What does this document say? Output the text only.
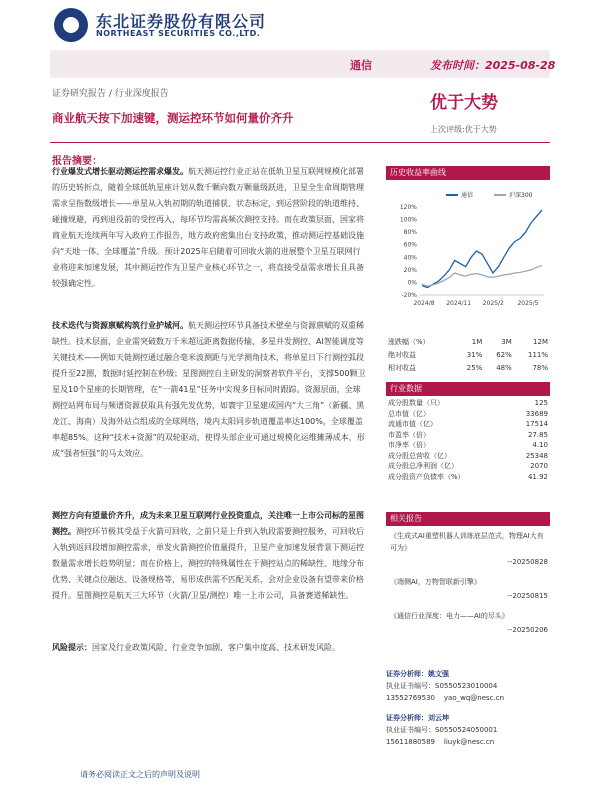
东北证券股份有限公司
NORTHEAST SECURITIES CO.,LTD.
通信	发布时间：2025-08-28
证券研究报告 / 行业深度报告	优于大势
商业航天按下加速键，测运控环节如何量价齐升
上次评级:优于大势
报告摘要：

行业爆发式增长驱动测运控需求爆发。航天测运控行业正站在低轨卫星互联网规模化部署的历史转折点，随着全球低轨星座计划从数千颗向数万颗量级跃进，卫星全生命周期管理需求呈指数级增长——单星从入轨初期的轨道捕获、状态标定，到运营阶段的轨道维持、碰撞规避，再到退役前的受控再入，每环节均需高频次测控支持。而在政策层面，国家将商业航天连续两年写入政府工作报告，地方政府密集出台支持政策，推动测运控基础设施向“天地一体、全球覆盖”升级。预计2025年启随着可回收火箭的进展整个卫星互联网行业将迎来加速发展，其中测运控作为卫星产业核心环节之一，将直接受益需求增长且具备较强确定性。

技术迭代与资源禀赋构筑行业护城河。航天测运控环节具备技术壁垒与资源禀赋的双重稀缺性。技术层面，企业需突破数万千米超远距离数据传输、多星并发测控、AI智能调度等关键技术——例如天链测控通过融合毫米波测距与光学测角技术，将单星日下行测控弧段提升至22圈，数据时延控制在秒级；星图测控自主研发的洞察者软件平台，支撑500颗卫星及10个星座的长期管理，在“一箭41星”任务中实现多目标同时跟踪。资源层面，全球测控站网布局与频谱资源获取具有强先发优势，如寰宇卫星建成国内“大三角”（新疆、黑龙江、海南）及海外站点组成的全球网络，境内太阳同步轨道覆盖率达100%，全球覆盖率超85%。这种“技术+资源”的双轮驱动，使得头部企业可通过规模化运维摊薄成本，形成“强者恒强”的马太效应。

测控方向有望量价齐升，成为未来卫星互联网行业投资重点，关注唯一上市公司标的星图测控。测控环节极其受益于火箭可回收，之前只是上升到入轨段需要测控服务，可回收后入轨到返回段增加测控需求，单发火箭测控价值量提升，卫星产业加速发展背景下测运控数量需求增长趋势明显；而在价格上，测控的特殊属性在于测控站点的稀缺性、地缘分布优势、关键点位融达、设备规格等，易形成供需不匹配关系，会对企业设备有望带来价格提升。星图测控是航天三大环节（火箭/卫星/测控）唯一上市公司，具备赛道稀缺性。

风险提示：国家及行业政策风险、行业竞争加剧、客户集中度高、技术研发风险。

历史收益率曲线
-20%
0%
20%
40%
60%
80%
100%
120%
2024/8 2024/11 2025/2 2025/5
通信	沪深300
涨跌幅（%）	1M	3M	12M
绝对收益	31%	62%	111%
相对收益	25%	48%	78%
行业数据
成分股数量（只）	125
总市值（亿）	33689
流通市值（亿）	17514
市盈率（倍）	27.85
市净率（倍）	4.10
成分股总营收（亿）	25348
成分股总净利润（亿）	2070
成分股资产负债率（%）	41.92
相关报告
《生成式AI重塑机器人训练底层范式，物理AI大有可为》
--20250828
《端侧AI，万物智联新引擎》
--20250815
《通信行业深度：电力——AI的尽头》
--20250206
证券分析师：姚文强
执业证书编号：S0550523010004
13552769530 yao_wq@nesc.cn
证券分析师：刘云坤
执业证书编号：S0550524050001
15611880589 liuyk@nesc.cn
请务必阅读正文之后的声明及说明
